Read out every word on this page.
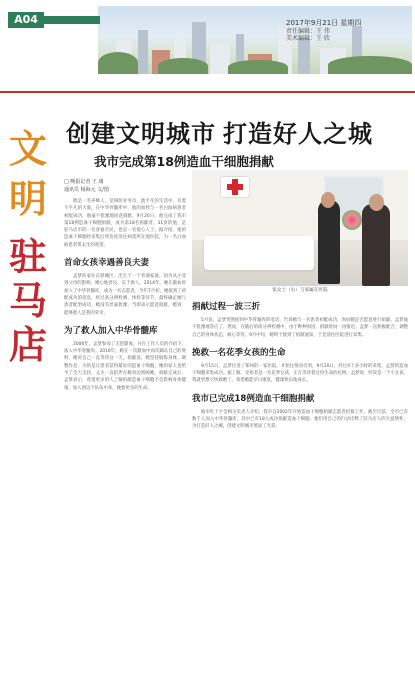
A04	2017年9月21日 星期四
责任编辑：王 伟
美术编辑：王 欣
文
明
驻
马
店
创建文明城市 打造好人之城
我市完成第18例造血干细胞捐献
□ 晚报记者 王 康
通讯员 杨海元 文/图

他是一名养蜂人，是保险业务员，他平凡的生活中，有着不平凡的大爱。在中华骨髓库中，他的血样与一名白血病患者初配成功，他毫不犹豫地同意捐献，9月20日，他完成了我市第18例造血干细胞捐献，成为第18名捐献者。31岁的他，是驻马店市的一名普通市民，也是一名爱心人士。据介绍，他的造血干细胞经采集后将连夜送往病患所在地医院，为一名白血病患者带去生的希望。

首命女孩幸遇善良夫妻

孟梦的家住在驿城区，出生于一个普通家庭。因为从小受到父母的影响，她心地善良，乐于助人。2014年，她在献血时加入了中华骨髓库，成为一名志愿者。今年7月初，她接到了初配成功的消息，经过高分辨检测、体检等环节，最终确定她与患者配型成功。她没有丝毫犹豫，当即表示愿意捐献。她说：能够救人是我的荣幸。

为了救人加入中华骨髓库

2006年，孟梦参加了无偿献血，并在工作人员的介绍下，加入中华骨髓库。2016年，她在一次献血中再次确认自己的资料，她说自己一直等待这一天。捐献前，她坚持锻炼身体，调整作息，为的是让患者获得最好的造血干细胞。她的家人也给予了全力支持，丈夫一直陪伴在她身边照顾她。捐献完成后，孟梦表示，希望更多的人了解捐献造血干细胞不会影响身体健康，加入到这个队伍中来，挽救更多的生命。

张女士（右）与家属在医院
捐献过程一波三折

5月份，孟梦突然接到中华骨髓库的电话，告诉她与一名患者初配成功，询问她是否愿意进行捐献。孟梦毫不犹豫地答应了。然而，在随后的高分辨检测中，由于种种原因，捐献时间一再推迟。孟梦一直积极配合，调整自己的身体状态，耐心等待。9月中旬，她终于接到了捐献通知，于是前往医院进行采集。

挽救一名花季女孩的生命

9月15日，孟梦住进了郑州的一家医院，开始注射动员剂。9月20日，经过4个多小时的采集，孟梦的造血干细胞采集成功。据了解，受捐者是一名花季女孩，正在等待着这份生命的礼物。孟梦说：听说是一个小女孩，我就更想尽快救她了，希望她能早日康复，健康快乐地成长。

我市已完成18例造血干细胞捐献

据市红十字会相关负责人介绍，我市自2002年开始造血干细胞捐献志愿者招募工作，截至目前，全市已有数千人加入中华骨髓库，其中已有18人成功捐献造血干细胞。他们用自己的行动诠释了驻马店人的大爱情怀，为打造好人之城、创建文明城市增添了光彩。
